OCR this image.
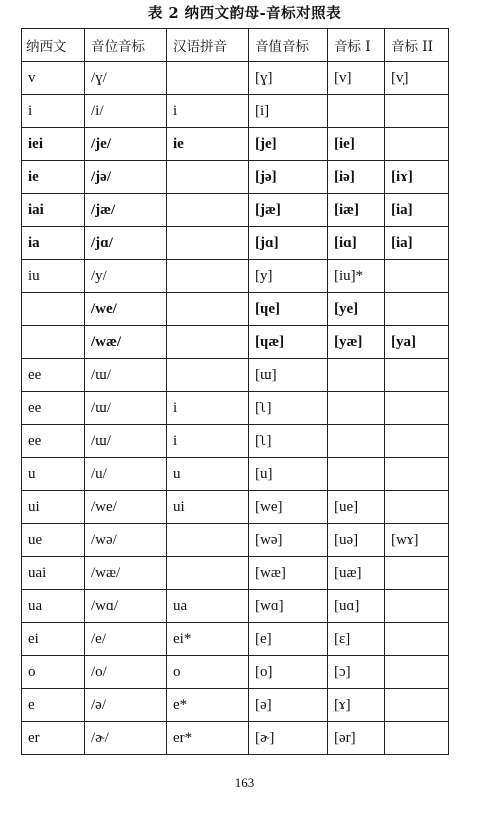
表 2 纳西文韵母-音标对照表
纳西文	音位音标	汉语拼音	音值音标	音标 I	音标 II
v	/ɣ/		[ɣ]	[v]	[v̩]
i	/i/	i	[i]		
iei	/je/	ie	[je]	[ie]	
ie	/jə/		[jə]	[iə]	[iɤ]
iai	/jæ/		[jæ]	[iæ]	[ia]
ia	/jɑ/		[jɑ]	[iɑ]	[ia]
iu	/y/		[y]	[iu]*	
	/we/		[ɥe]	[ye]	
	/wæ/		[ɥæ]	[yæ]	[ya]
ee	/ɯ/		[ɯ]		
ee	/ɯ/	i	[ʅ]		
ee	/ɯ/	i	[ʅ]		
u	/u/	u	[u]		
ui	/we/	ui	[we]	[ue]	
ue	/wə/		[wə]	[uə]	[wɤ]
uai	/wæ/		[wæ]	[uæ]	
ua	/wɑ/	ua	[wɑ]	[uɑ]	
ei	/e/	ei*	[e]	[ɛ]	
o	/o/	o	[o]	[ɔ]	
e	/ə/	e*	[ə]	[ɤ]	
er	/ɚ/	er*	[ɚ]	[ər]	
163
